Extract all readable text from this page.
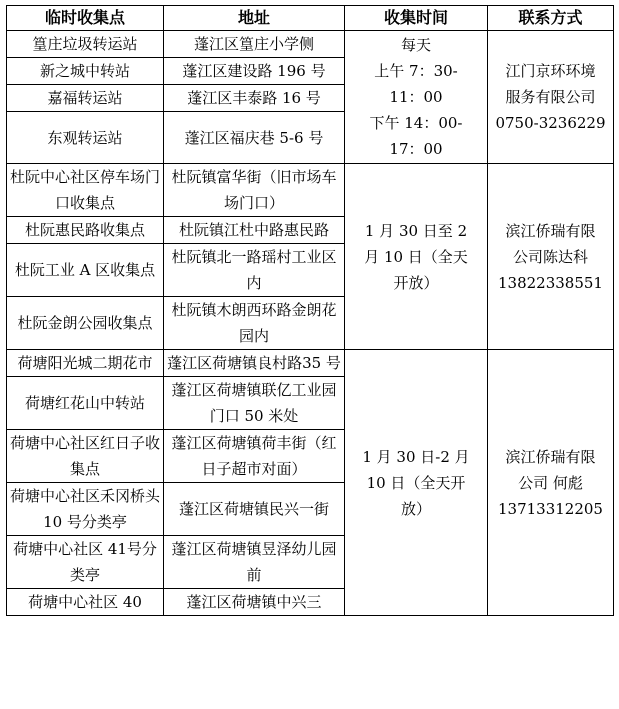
临时收集点	地址	收集时间	联系方式
篁庄垃圾转运站	蓬江区篁庄小学侧	每天
上午 7：30-
11：00
下午 14：00-
17：00	江门京环环境
服务有限公司
0750-3236229
新之城中转站	蓬江区建设路 196 号		
嘉福转运站	蓬江区丰泰路 16 号		
东观转运站	蓬江区福庆巷 5-6 号		
杜阮中心社区停车场门口收集点	杜阮镇富华街（旧市场车场门口）	1 月 30 日至 2
月 10 日（全天
开放）	滨江侨瑞有限
公司陈达科
13822338551
杜阮惠民路收集点	杜阮镇江杜中路惠民路		
杜阮工业 A 区收集点	杜阮镇北一路瑶村工业区内		
杜阮金朗公园收集点	杜阮镇木朗西环路金朗花园内		
荷塘阳光城二期花市	蓬江区荷塘镇良村路35 号	1 月 30 日-2 月
10 日（全天开
放）	滨江侨瑞有限
公司 何彪
13713312205
荷塘红花山中转站	蓬江区荷塘镇联亿工业园门口 50 米处		
荷塘中心社区红日子收集点	蓬江区荷塘镇荷丰街（红日子超市对面）		
荷塘中心社区禾冈桥头 10 号分类亭	蓬江区荷塘镇民兴一街		
荷塘中心社区 41号分类亭	蓬江区荷塘镇昱泽幼儿园前		
荷塘中心社区 40	蓬江区荷塘镇中兴三		
